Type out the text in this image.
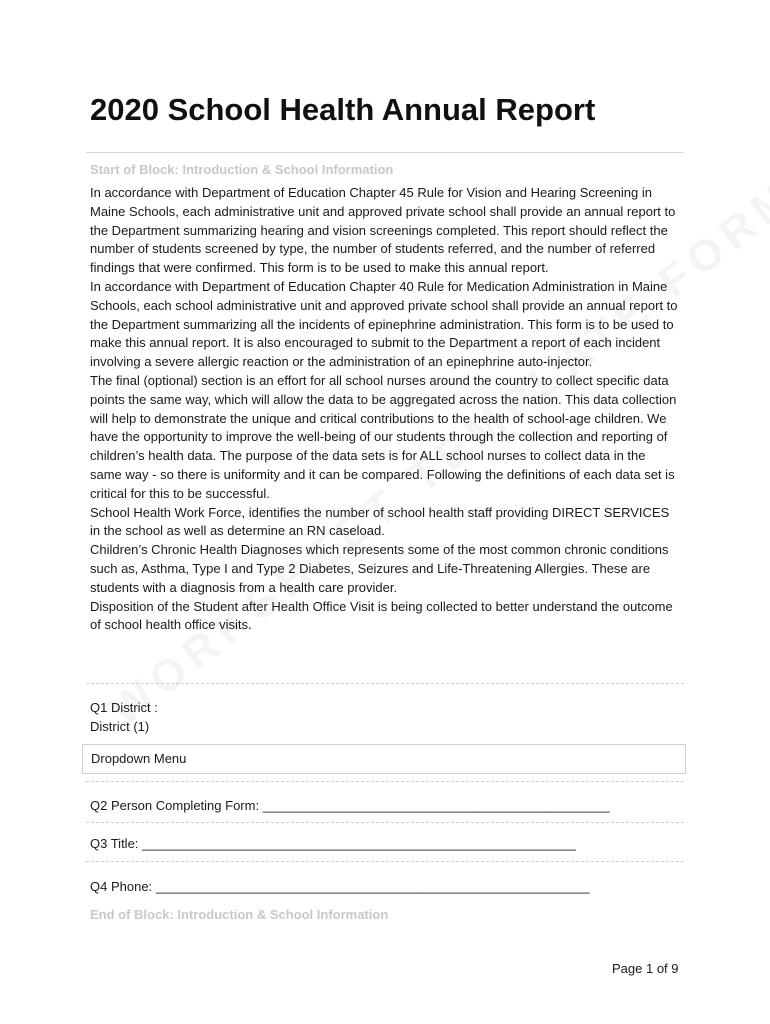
2020 School Health Annual Report
Start of Block: Introduction & School Information

In accordance with Department of Education Chapter 45 Rule for Vision and Hearing Screening in Maine Schools, each administrative unit and approved private school shall provide an annual report to the Department summarizing hearing and vision screenings completed. This report should reflect the number of students screened by type, the number of students referred, and the number of referred findings that were confirmed. This form is to be used to make this annual report.

In accordance with Department of Education Chapter 40 Rule for Medication Administration in Maine Schools, each school administrative unit and approved private school shall provide an annual report to the Department summarizing all the incidents of epinephrine administration. This form is to be used to make this annual report. It is also encouraged to submit to the Department a report of each incident involving a severe allergic reaction or the administration of an epinephrine auto-injector.

The final (optional) section is an effort for all school nurses around the country to collect specific data points the same way, which will allow the data to be aggregated across the nation. This data collection will help to demonstrate the unique and critical contributions to the health of school-age children. We have the opportunity to improve the well-being of our students through the collection and reporting of children’s health data. The purpose of the data sets is for ALL school nurses to collect data in the same way - so there is uniformity and it can be compared. Following the definitions of each data set is critical for this to be successful.

School Health Work Force, identifies the number of school health staff providing DIRECT SERVICES in the school as well as determine an RN caseload.

Children’s Chronic Health Diagnoses which represents some of the most common chronic conditions such as, Asthma, Type I and Type 2 Diabetes, Seizures and Life-Threatening Allergies. These are students with a diagnosis from a health care provider.

Disposition of the Student after Health Office Visit is being collected to better understand the outcome of school health office visits.

Q1 District :
District (1)
Dropdown Menu
Q2 Person Completing Form: ________________________________________________
Q3 Title: ____________________________________________________________
Q4 Phone: ____________________________________________________________
End of Block: Introduction & School Information
Page 1 of 9
